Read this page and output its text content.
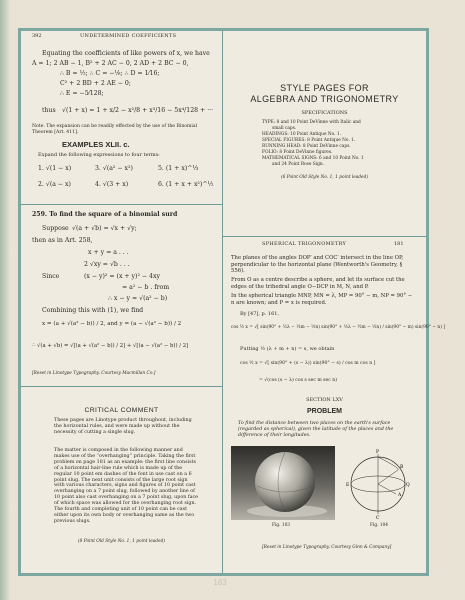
392	UNDETERMINED COEFFICIENTS
Equating the coefficients of like powers of x, we have
A = 1; 2 AB − 1, B² + 2 AC − 0, 2 AD + 2 BC − 0,
∴ B = ½; ∴ C = −⅛; ∴ D = 1⁄16;
C² + 2 BD + 2 AE − 0;
∴ E = −5⁄128;
thus √(1 + x) = 1 + x/2 − x²/8 + x³/16 − 5x⁴/128 + ···
Note. The expansion can be readily effected by the use of the Binomial Theorem [Art. 411].
EXAMPLES XLII. c.
Expand the following expressions to four terms:
1. √(1 − x)	3. √(a² − x²)	5. (1 + x)^⅓
2. √(a − x)	4. √(3 + x)	6. (1 + x + x²)^½
STYLE PAGES FOR
ALGEBRA AND TRIGONOMETRY
SPECIFICATIONS
TYPE: 8 and 10 Point DeVinne with Italic and
small caps.
HEADINGS: 10 Point Antique No. 1.
SPECIAL FIGURES: 8 Point Antique No. 1.
RUNNING HEAD: 8 Point DeVinne caps.
FOLIO: 8 Point DeVinne figures.
MATHEMATICAL SIGNS: 6 and 10 Point No. 1
and 24 Point Rose Sign.
(6 Point Old Style No. 1, 1 point leaded)
259. To find the square of a binomial surd
Suppose √(a + √b) = √x + √y;
then as in Art. 258,
x + y = a . . .
2 √xy = √b . . .
Since	(x − y)² = (x + y)² − 4xy
= a² − b . from
∴ x − y = √(a² − b)
Combining this with (1), we find
x = (a + √(a² − b)) / 2, and y = (a − √(a² − b)) / 2
∴ √(a + √b) = √[(a + √(a² − b)) / 2] + √[(a − √(a² − b)) / 2]
[Reset in Linotype Typography. Courtesy Macmillan Co.]
SPHERICAL TRIGONOMETRY	181
The planes of the angles DOP′ and COC′ intersect in the line OP, perpendicular to the horizontal plane (Wentworth's Geometry, § 556).
From O as a centre describe a sphere, and let its surface cut the edges of the trihedral angle O−DCP in M, N, and P.
In the spherical triangle MNP, MN = λ, MP = 90° − m, NP = 90° − n are known; and P = x is required.
By [47], p. 161,
cos ½ x = √[ sin(90° + ½λ − ½m − ½n) sin(90° + ½λ − ½m − ½n) / sin(90° − m) sin(90° − n) ]
Putting ½ (λ + m + n) = s, we obtain
cos ½ x = √[ sin(90° + (s − λ)) sin(90° − s) / cos m cos n ]
= √(cos (s − λ) cos s sec m sec n)
SECTION LXV
PROBLEM
To find the distance between two places on the earth's surface (regarded as spherical), given the latitude of the places and the difference of their longitudes.
Fig. 103
P
B
A
E	Q
C
Fig. 104
[Reset in Linotype Typography. Courtesy Ginn & Company]
CRITICAL COMMENT
These pages are Linotype product throughout, including the horizontal rules, and were made up without the necessity of cutting a single slug.
The matter is composed in the following manner and makes use of the “overhanging” principle. Taking the first problem on page 181 as an example: the first line consists of a horizontal hair-line rule which is made up of the regular 10 point em dashes of the font in use cast on a 6 point slug. The next unit consists of the large root sign with various characters, signs and figures of 10 point cast overhanging on a 7 point slug, followed by another line of 10 point also cast overhanging on a 7 point slug, upon face of which space was allowed for the overhanging root sign. The fourth and completing unit of 10 point can be cast either upon its own body or overhanging same as the two previous slugs.
(8 Point Old Style No. 1, 1 point leaded)
183
